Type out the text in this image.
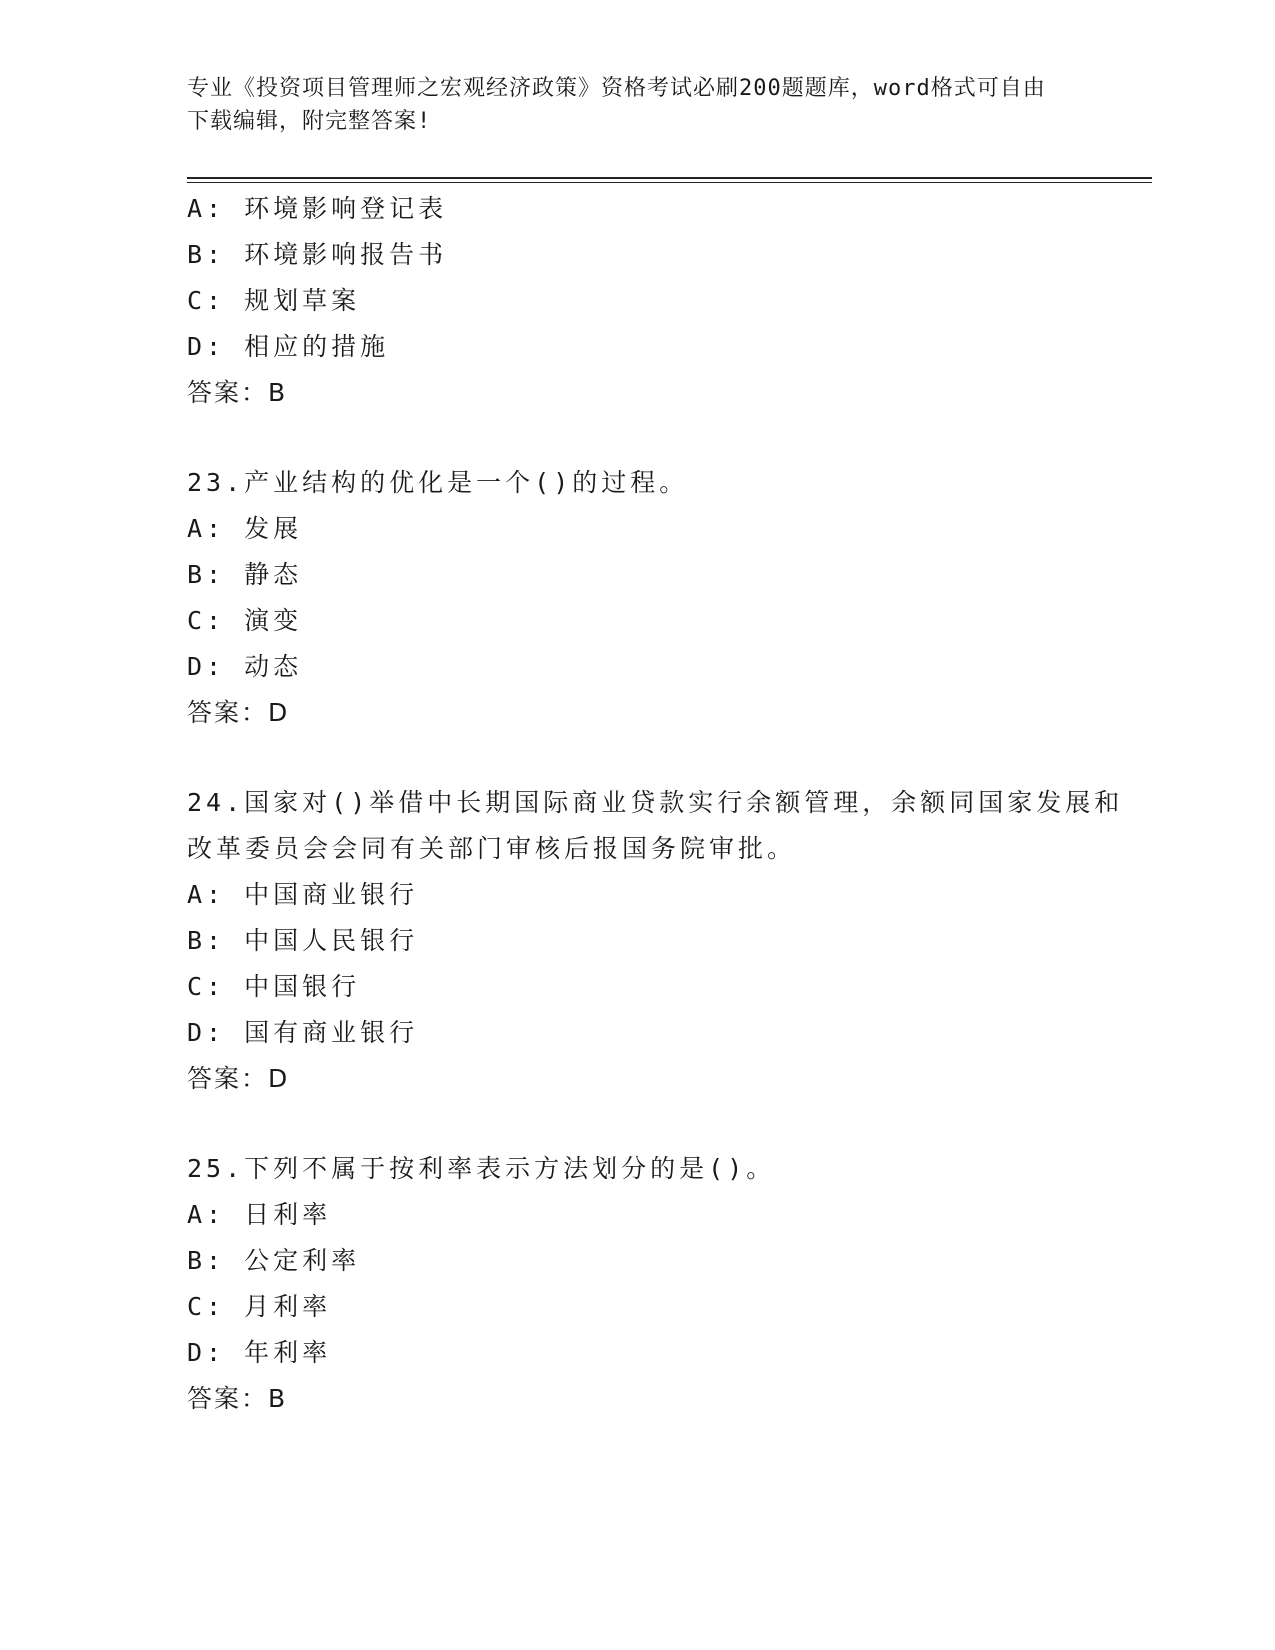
专业《投资项目管理师之宏观经济政策》资格考试必刷200题题库，word格式可自由下载编辑，附完整答案!
A: 环境影响登记表
B: 环境影响报告书
C: 规划草案
D: 相应的措施
答案：B
23.产业结构的优化是一个()的过程。
A: 发展
B: 静态
C: 演变
D: 动态
答案：D
24.国家对()举借中长期国际商业贷款实行余额管理，余额同国家发展和改革委员会会同有关部门审核后报国务院审批。
A: 中国商业银行
B: 中国人民银行
C: 中国银行
D: 国有商业银行
答案：D
25.下列不属于按利率表示方法划分的是()。
A: 日利率
B: 公定利率
C: 月利率
D: 年利率
答案：B
